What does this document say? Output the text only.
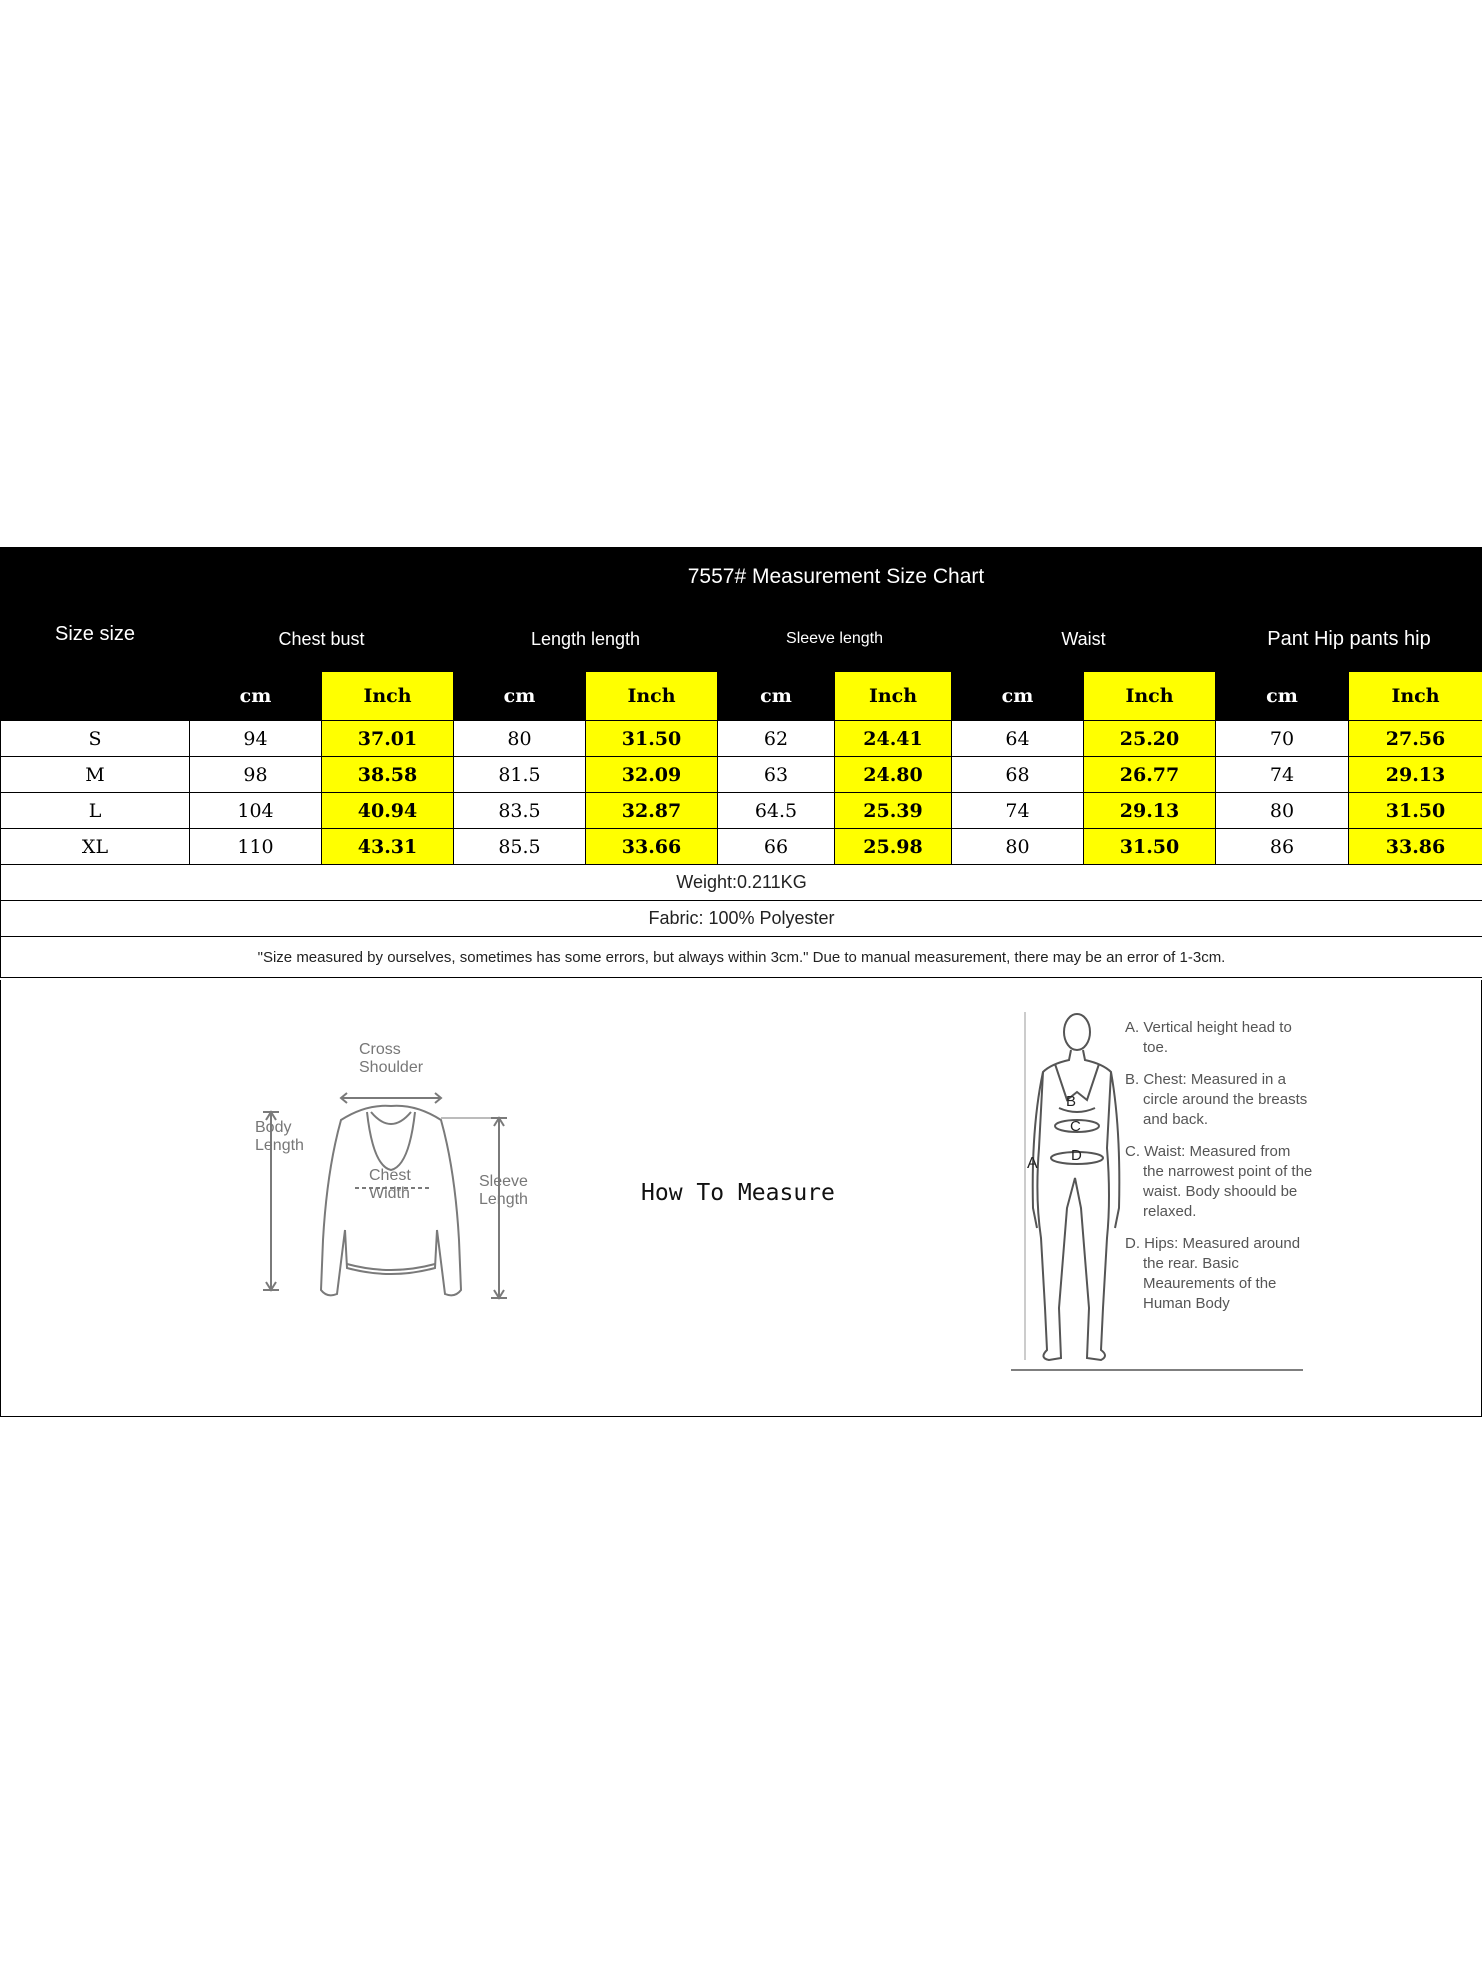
Size size	7557# Measurement Size Chart									
	Chest bust		Length length		Sleeve length		Waist		Pant Hip pants hip	
	cm	Inch	cm	Inch	cm	Inch	cm	Inch	cm	Inch
S	94	37.01	80	31.50	62	24.41	64	25.20	70	27.56
M	98	38.58	81.5	32.09	63	24.80	68	26.77	74	29.13
L	104	40.94	83.5	32.87	64.5	25.39	74	29.13	80	31.50
XL	110	43.31	85.5	33.66	66	25.98	80	31.50	86	33.86
Weight:0.211KG										
Fabric: 100% Polyester										
"Size measured by ourselves, sometimes has some errors, but always within 3cm." Due to manual measurement, there may be an error of 1-3cm.										
Cross
Shoulder
Body
Length
Chest
Width
Sleeve
Length	How To Measure
B
C
D
A

A. Vertical height head to toe.

B. Chest: Measured in a circle around the breasts and back.

C. Waist: Measured from the narrowest point of the waist. Body shoould be relaxed.

D. Hips: Measured around the rear. Basic Meaurements of the Human Body
